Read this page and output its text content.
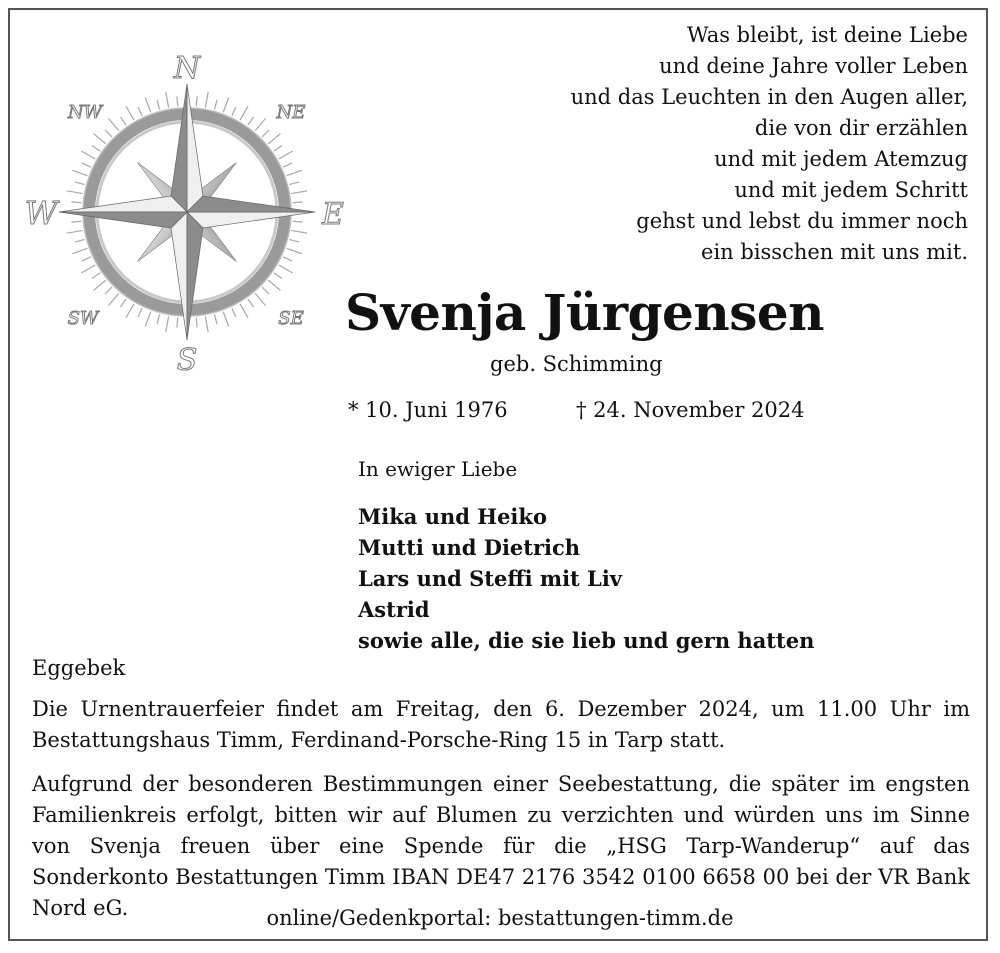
N
S
W	E
NW	NE
SW	SE
Was bleibt, ist deine Liebe
und deine Jahre voller Leben
und das Leuchten in den Augen aller,
die von dir erzählen
und mit jedem Atemzug
und mit jedem Schritt
gehst und lebst du immer noch
ein bisschen mit uns mit.
Svenja Jürgensen
geb. Schimming
* 10. Juni 1976	† 24. November 2024
In ewiger Liebe
Mika und Heiko
Mutti und Dietrich
Lars und Steffi mit Liv
Astrid
sowie alle, die sie lieb und gern hatten
Eggebek
Die Urnentrauerfeier findet am Freitag, den 6. Dezember 2024, um 11.00 Uhr im Bestattungshaus Timm, Ferdinand-Porsche-Ring 15 in Tarp statt.
Aufgrund der besonderen Bestimmungen einer Seebestattung, die später im engsten Familienkreis erfolgt, bitten wir auf Blumen zu verzichten und würden uns im Sinne von Svenja freuen über eine Spende für die „HSG Tarp-Wanderup“ auf das Sonderkonto Bestattungen Timm IBAN DE47 2176 3542 0100 6658 00 bei der VR Bank Nord eG.	online/Gedenkportal: bestattungen-timm.de
